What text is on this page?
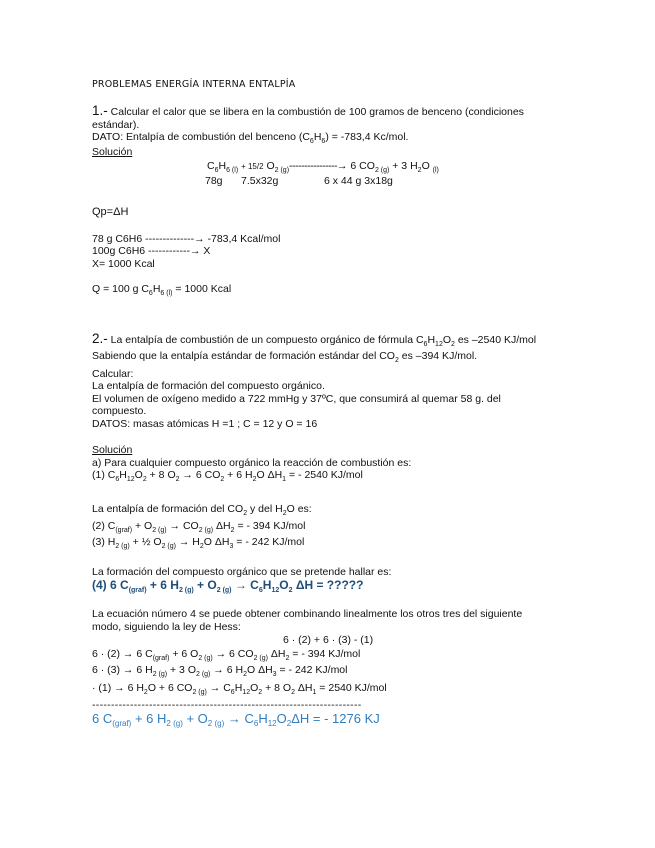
PROBLEMAS ENERGÍA INTERNA ENTALPÍA
1.- Calcular el calor que se libera en la combustión de 100 gramos de benceno (condiciones
estándar).
DATO: Entalpía de combustión del benceno $(C_6H_6) = -783,4$ Kc/mol.
Solución
$C_6H_{6 (l)} + 15/2$ $O_{2 (g)}----------------\to 6$ $CO_{2 (g)} + 3$ $H_2O$ $_{(l)}$
78g 7.5x32g	6 x 44 g 3x18g
Qp=ΔH
78 g C6H6 --------------→ -783,4 Kcal/mol
100g C6H6 ------------→ X
X= 1000 Kcal
Q = 100 g $C_6H_{6 (l)} = 1000$ Kcal
2.- La entalpía de combustión de un compuesto orgánico de fórmula $C_6H_{12}O_2$ es –2540 KJ/mol
Sabiendo que la entalpía estándar de formación estándar del $CO_2$ es –394 KJ/mol.
Calcular:
La entalpía de formación del compuesto orgánico.
El volumen de oxígeno medido a 722 mmHg y 37ºC, que consumirá al quemar 58 g. del
compuesto.
DATOS: masas atómicas H =1 ; C = 12 y O = 16
Solución
a) Para cualquier compuesto orgánico la reacción de combustión es:
(1) $C_6H_{12}O_2 + 8$ $O_2 \to 6$ $CO_2 + 6$ $H_2O$ $\Delta H_1$ = - 2540 KJ/mol
La entalpía de formación del $CO_2$ y del $H_2O$ es:
(2) $C_{(graf)} + O_{2 (g)} \to CO_{2 (g)}$ $\Delta H_2$ = - 394 KJ/mol
(3) $H_{2 (g)}$ + ½ $O_{2 (g)} \to H_2O$ $\Delta H_3$ = - 242 KJ/mol
La formación del compuesto orgánico que se pretende hallar es:
(4) 6 $C_{(graf)} + 6$ $H_{2 (g)} + O_{2 (g)} \to C_6H_{12}O_2$ ΔH = ?????
La ecuación número 4 se puede obtener combinando linealmente los otros tres del siguiente
modo, siguiendo la ley de Hess:
6 · (2) + 6 · (3) - (1)
6 · (2) → 6 $C_{(graf)} + 6$ $O_{2 (g)} \to 6$ $CO_{2 (g)}$ $\Delta H_2$ = - 394 KJ/mol
6 · (3) → 6 $H_{2 (g)} + 3$ $O_{2 (g)} \to 6$ $H_2O$ $\Delta H_3$ = - 242 KJ/mol
· (1) → 6 $H_2O + 6$ $CO_{2 (g)} \to C_6H_{12}O_2 + 8$ $O_2$ $\Delta H_1 = 2540$ KJ/mol
-----------------------------------------------------------------------
6 $C_{(graf)} + 6$ $H_{2 (g)} + O_{2 (g)} \to C_6H_{12}O_2\Delta H$ = - 1276 KJ
